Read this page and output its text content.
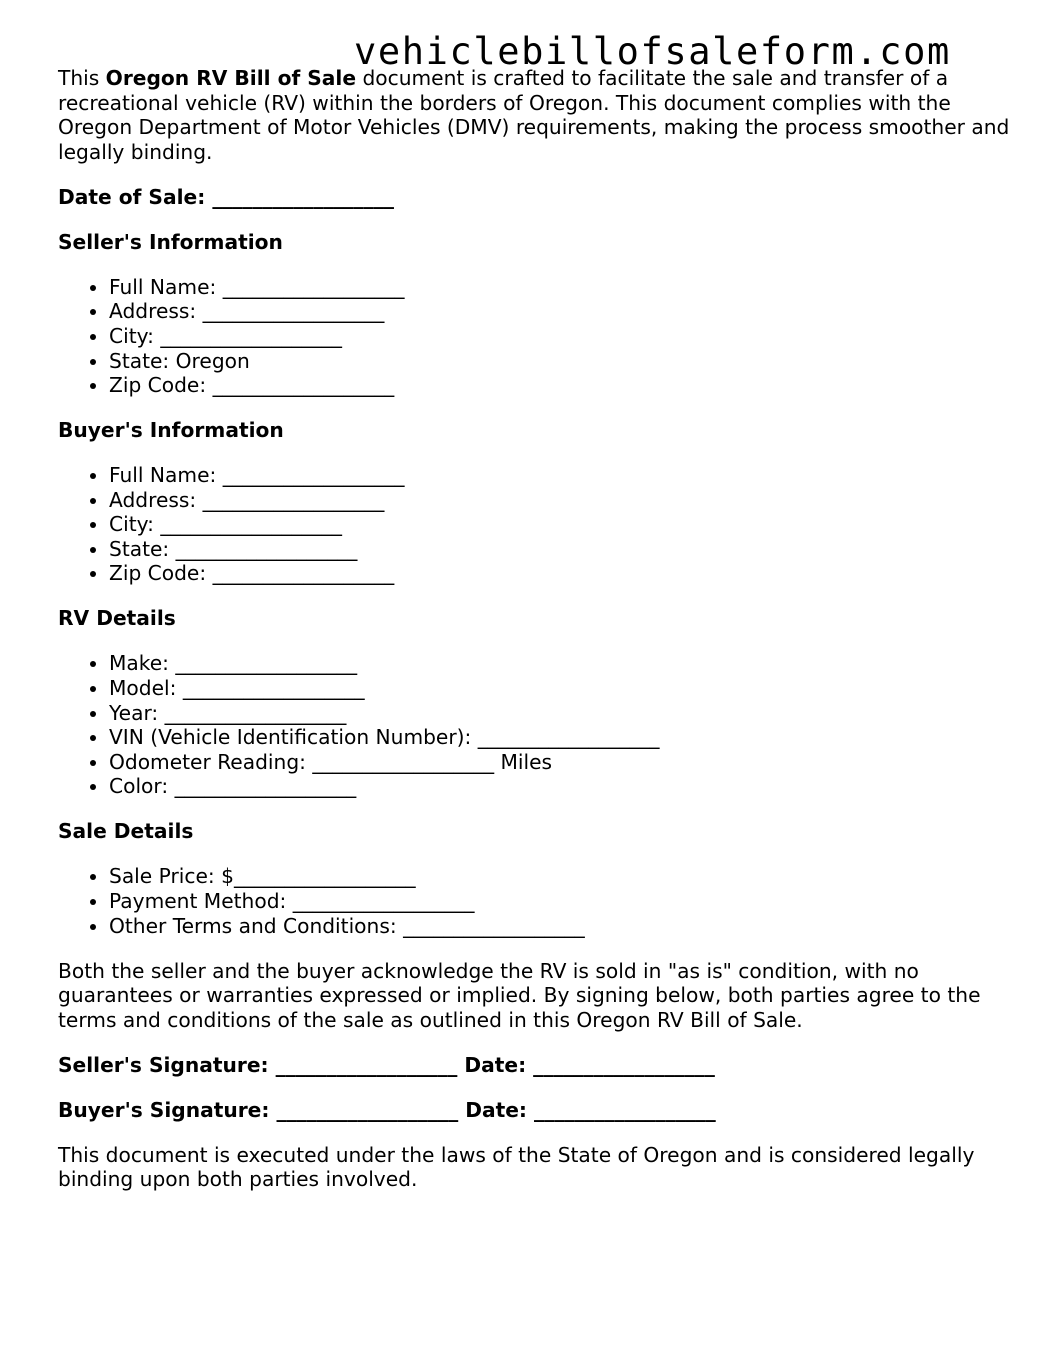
vehiclebillofsaleform.com

This Oregon RV Bill of Sale document is crafted to facilitate the sale and transfer of a recreational vehicle (RV) within the borders of Oregon. This document complies with the Oregon Department of Motor Vehicles (DMV) requirements, making the process smoother and legally binding.

Date of Sale: __________________

Seller's Information

• Full Name: __________________
• Address: __________________
• City: __________________
• State: Oregon
• Zip Code: __________________

Buyer's Information

• Full Name: __________________
• Address: __________________
• City: __________________
• State: __________________
• Zip Code: __________________

RV Details

• Make: __________________
• Model: __________________
• Year: __________________
• VIN (Vehicle Identification Number): __________________
• Odometer Reading: __________________ Miles
• Color: __________________

Sale Details

• Sale Price: $__________________
• Payment Method: __________________
• Other Terms and Conditions: __________________

Both the seller and the buyer acknowledge the RV is sold in "as is" condition, with no guarantees or warranties expressed or implied. By signing below, both parties agree to the terms and conditions of the sale as outlined in this Oregon RV Bill of Sale.

Seller's Signature: __________________ Date: __________________

Buyer's Signature: __________________ Date: __________________

This document is executed under the laws of the State of Oregon and is considered legally binding upon both parties involved.
